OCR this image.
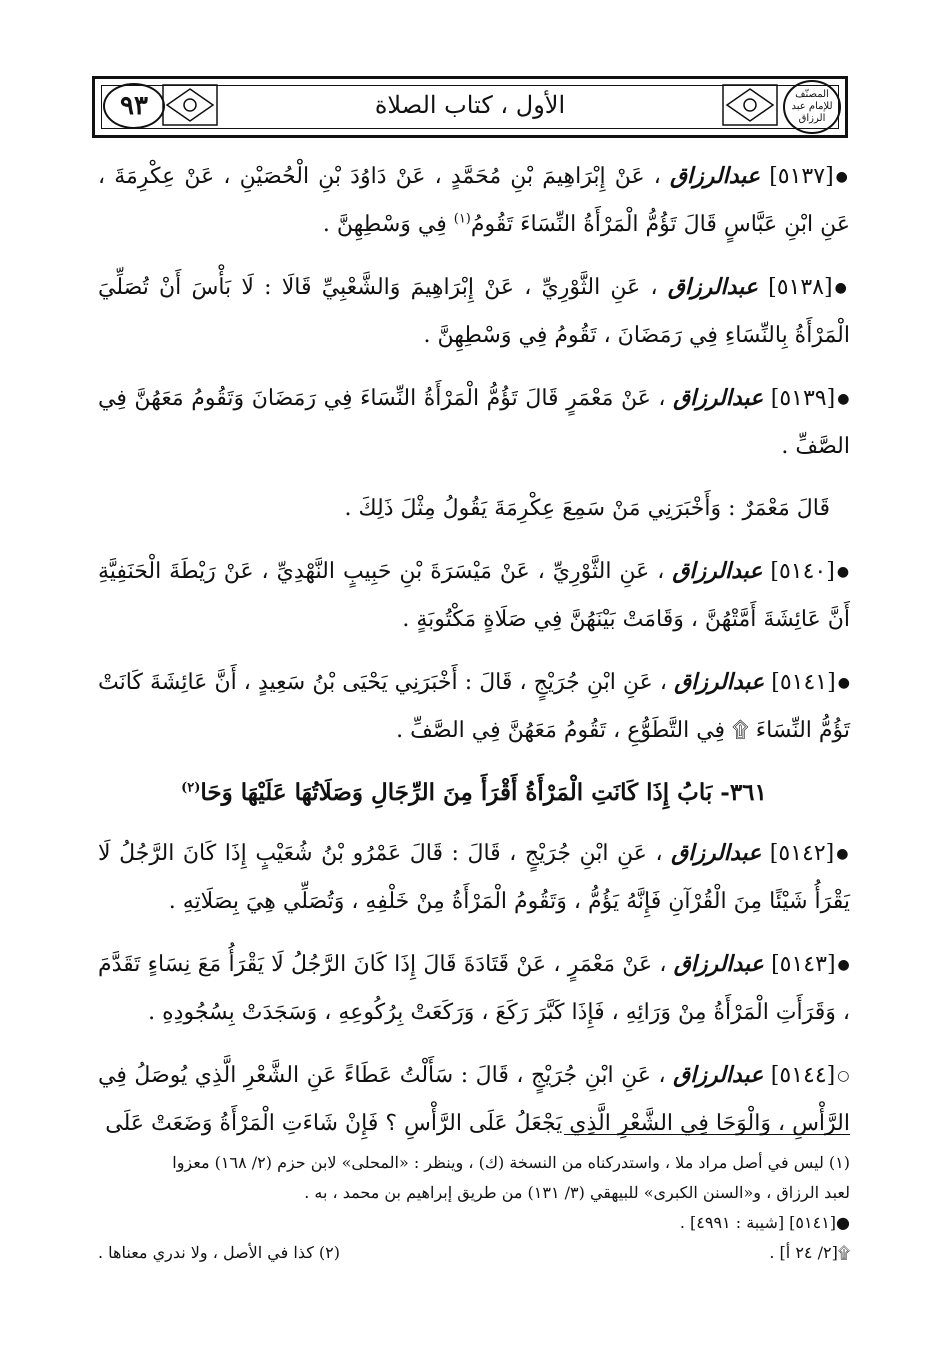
٩٣	الأول ، كتاب الصلاة	المصنّف للإمام عبد الرزاق

●[٥١٣٧] عبدالرزاق ، عَنْ إِبْرَاهِيمَ بْنِ مُحَمَّدٍ ، عَنْ دَاوُدَ بْنِ الْحُصَيْنِ ، عَنْ عِكْرِمَةَ ، عَنِ ابْنِ عَبَّاسٍ قَالَ تَؤُمُّ الْمَرْأَةُ النِّسَاءَ تَقُومُ$^{(١)}$ فِي وَسْطِهِنَّ .

●[٥١٣٨] عبدالرزاق ، عَنِ الثَّوْرِيِّ ، عَنْ إِبْرَاهِيمَ وَالشَّعْبِيِّ قَالَا : لَا بَأْسَ أَنْ تُصَلِّيَ الْمَرْأَةُ بِالنِّسَاءِ فِي رَمَضَانَ ، تَقُومُ فِي وَسْطِهِنَّ .

●[٥١٣٩] عبدالرزاق ، عَنْ مَعْمَرٍ قَالَ تَؤُمُّ الْمَرْأَةُ النِّسَاءَ فِي رَمَضَانَ وَتَقُومُ مَعَهُنَّ فِي الصَّفِّ .

قَالَ مَعْمَرٌ : وَأَخْبَرَنِي مَنْ سَمِعَ عِكْرِمَةَ يَقُولُ مِثْلَ ذَلِكَ .

●[٥١٤٠] عبدالرزاق ، عَنِ الثَّوْرِيِّ ، عَنْ مَيْسَرَةَ بْنِ حَبِيبٍ النَّهْدِيِّ ، عَنْ رَيْطَةَ الْحَنَفِيَّةِ أَنَّ عَائِشَةَ أَمَّتْهُنَّ ، وَقَامَتْ بَيْنَهُنَّ فِي صَلَاةٍ مَكْتُوبَةٍ .

●[٥١٤١] عبدالرزاق ، عَنِ ابْنِ جُرَيْجٍ ، قَالَ : أَخْبَرَنِي يَحْيَى بْنُ سَعِيدٍ ، أَنَّ عَائِشَةَ كَانَتْ تَؤُمُّ النِّسَاءَ ۩ فِي التَّطَوُّعِ ، تَقُومُ مَعَهُنَّ فِي الصَّفِّ .

٣٦١- بَابُ إِذَا كَانَتِ الْمَرْأَةُ أَقْرَأَ مِنَ الرِّجَالِ وَصَلَاتُهَا عَلَيْهَا وَحَا$^{(٢)}$

●[٥١٤٢] عبدالرزاق ، عَنِ ابْنِ جُرَيْجٍ ، قَالَ : قَالَ عَمْرُو بْنُ شُعَيْبٍ إِذَا كَانَ الرَّجُلُ لَا يَقْرَأُ شَيْئًا مِنَ الْقُرْآنِ فَإِنَّهُ يَؤُمُّ ، وَتَقُومُ الْمَرْأَةُ مِنْ خَلْفِهِ ، وَتُصَلِّي هِيَ بِصَلَاتِهِ .

●[٥١٤٣] عبدالرزاق ، عَنْ مَعْمَرٍ ، عَنْ قَتَادَةَ قَالَ إِذَا كَانَ الرَّجُلُ لَا يَقْرَأُ مَعَ نِسَاءٍ تَقَدَّمَ ، وَقَرَأَتِ الْمَرْأَةُ مِنْ وَرَائِهِ ، فَإِذَا كَبَّرَ رَكَعَ ، وَرَكَعَتْ بِرُكُوعِهِ ، وَسَجَدَتْ بِسُجُودِهِ .

○[٥١٤٤] عبدالرزاق ، عَنِ ابْنِ جُرَيْجٍ ، قَالَ : سَأَلْتُ عَطَاءً عَنِ الشَّعْرِ الَّذِي يُوصَلُ فِي الرَّأْسِ ، وَالْوَحَا فِي الشَّعْرِ الَّذِي يَجْعَلُ عَلَى الرَّأْسِ ؟ فَإِنْ شَاءَتِ الْمَرْأَةُ وَضَعَتْ عَلَى

(١) ليس في أصل مراد ملا ، واستدركناه من النسخة (ك) ، وينظر : «المحلى» لابن حزم (٢/ ١٦٨) معزوا
لعبد الرزاق ، و«السنن الكبرى» للبيهقي (٣/ ١٣١) من طريق إبراهيم بن محمد ، به .
●[٥١٤١] [شيبة : ٤٩٩١] .
۩[٢/ ٢٤ أ] .
(٢) كذا في الأصل ، ولا ندري معناها .
